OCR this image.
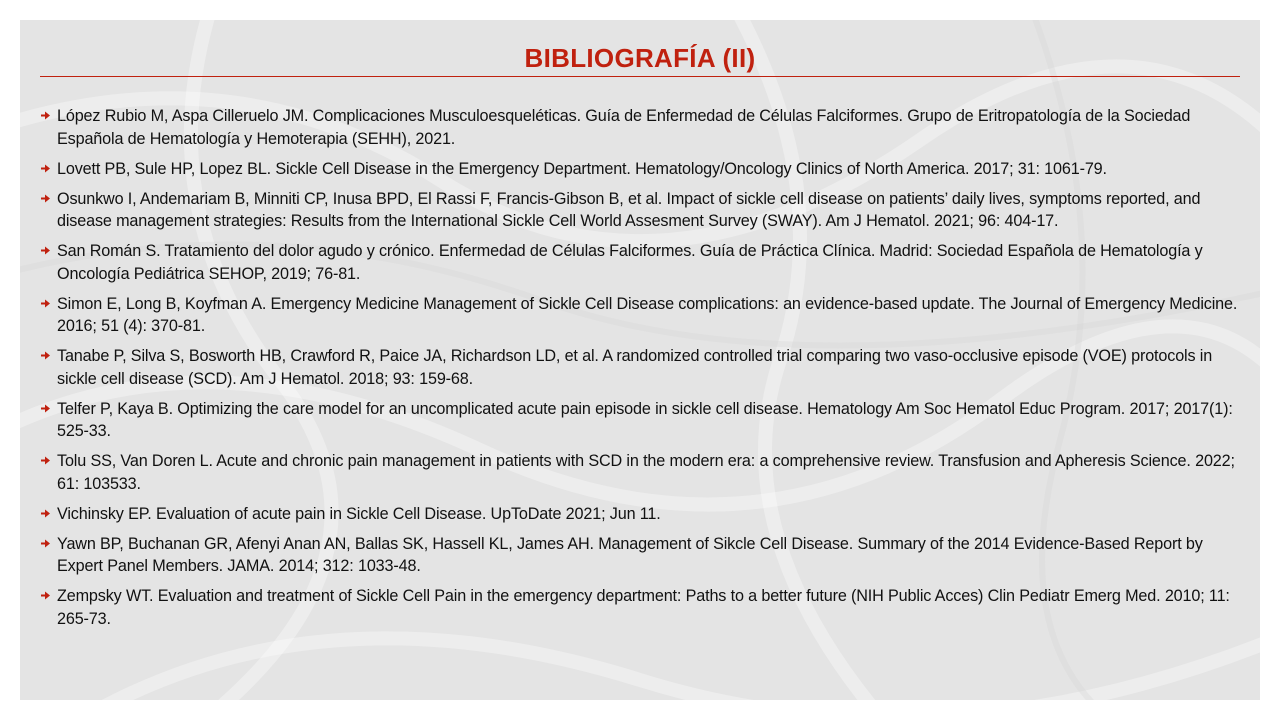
BIBLIOGRAFÍA (II)
López Rubio M, Aspa Cilleruelo JM. Complicaciones Musculoesqueléticas. Guía de Enfermedad de Células Falciformes. Grupo de Eritropatología de la Sociedad Española de Hematología y Hemoterapia (SEHH), 2021.
Lovett PB, Sule HP, Lopez BL. Sickle Cell Disease in the Emergency Department. Hematology/Oncology Clinics of North America. 2017; 31: 1061-79.
Osunkwo I, Andemariam B, Minniti CP, Inusa BPD, El Rassi F, Francis-Gibson B, et al. Impact of sickle cell disease on patients’ daily lives, symptoms reported, and disease management strategies: Results from the International Sickle Cell World Assesment Survey (SWAY). Am J Hematol. 2021; 96: 404-17.
San Román S. Tratamiento del dolor agudo y crónico. Enfermedad de Células Falciformes. Guía de Práctica Clínica. Madrid: Sociedad Española de Hematología y Oncología Pediátrica SEHOP, 2019; 76-81.
Simon E, Long B, Koyfman A. Emergency Medicine Management of Sickle Cell Disease complications: an evidence-based update. The Journal of Emergency Medicine. 2016; 51 (4): 370-81.
Tanabe P, Silva S, Bosworth HB, Crawford R, Paice JA, Richardson LD, et al. A randomized controlled trial comparing two vaso-occlusive episode (VOE) protocols in sickle cell disease (SCD). Am J Hematol. 2018; 93: 159-68.
Telfer P, Kaya B. Optimizing the care model for an uncomplicated acute pain episode in sickle cell disease. Hematology Am Soc Hematol Educ Program. 2017; 2017(1): 525-33.
Tolu SS, Van Doren L. Acute and chronic pain management in patients with SCD in the modern era: a comprehensive review. Transfusion and Apheresis Science. 2022; 61: 103533.
Vichinsky EP. Evaluation of acute pain in Sickle Cell Disease. UpToDate 2021; Jun 11.
Yawn BP, Buchanan GR, Afenyi Anan AN, Ballas SK, Hassell KL, James AH. Management of Sikcle Cell Disease. Summary of the 2014 Evidence-Based Report by Expert Panel Members. JAMA. 2014; 312: 1033-48.
Zempsky WT. Evaluation and treatment of Sickle Cell Pain in the emergency department: Paths to a better future (NIH Public Acces) Clin Pediatr Emerg Med. 2010; 11: 265-73.
